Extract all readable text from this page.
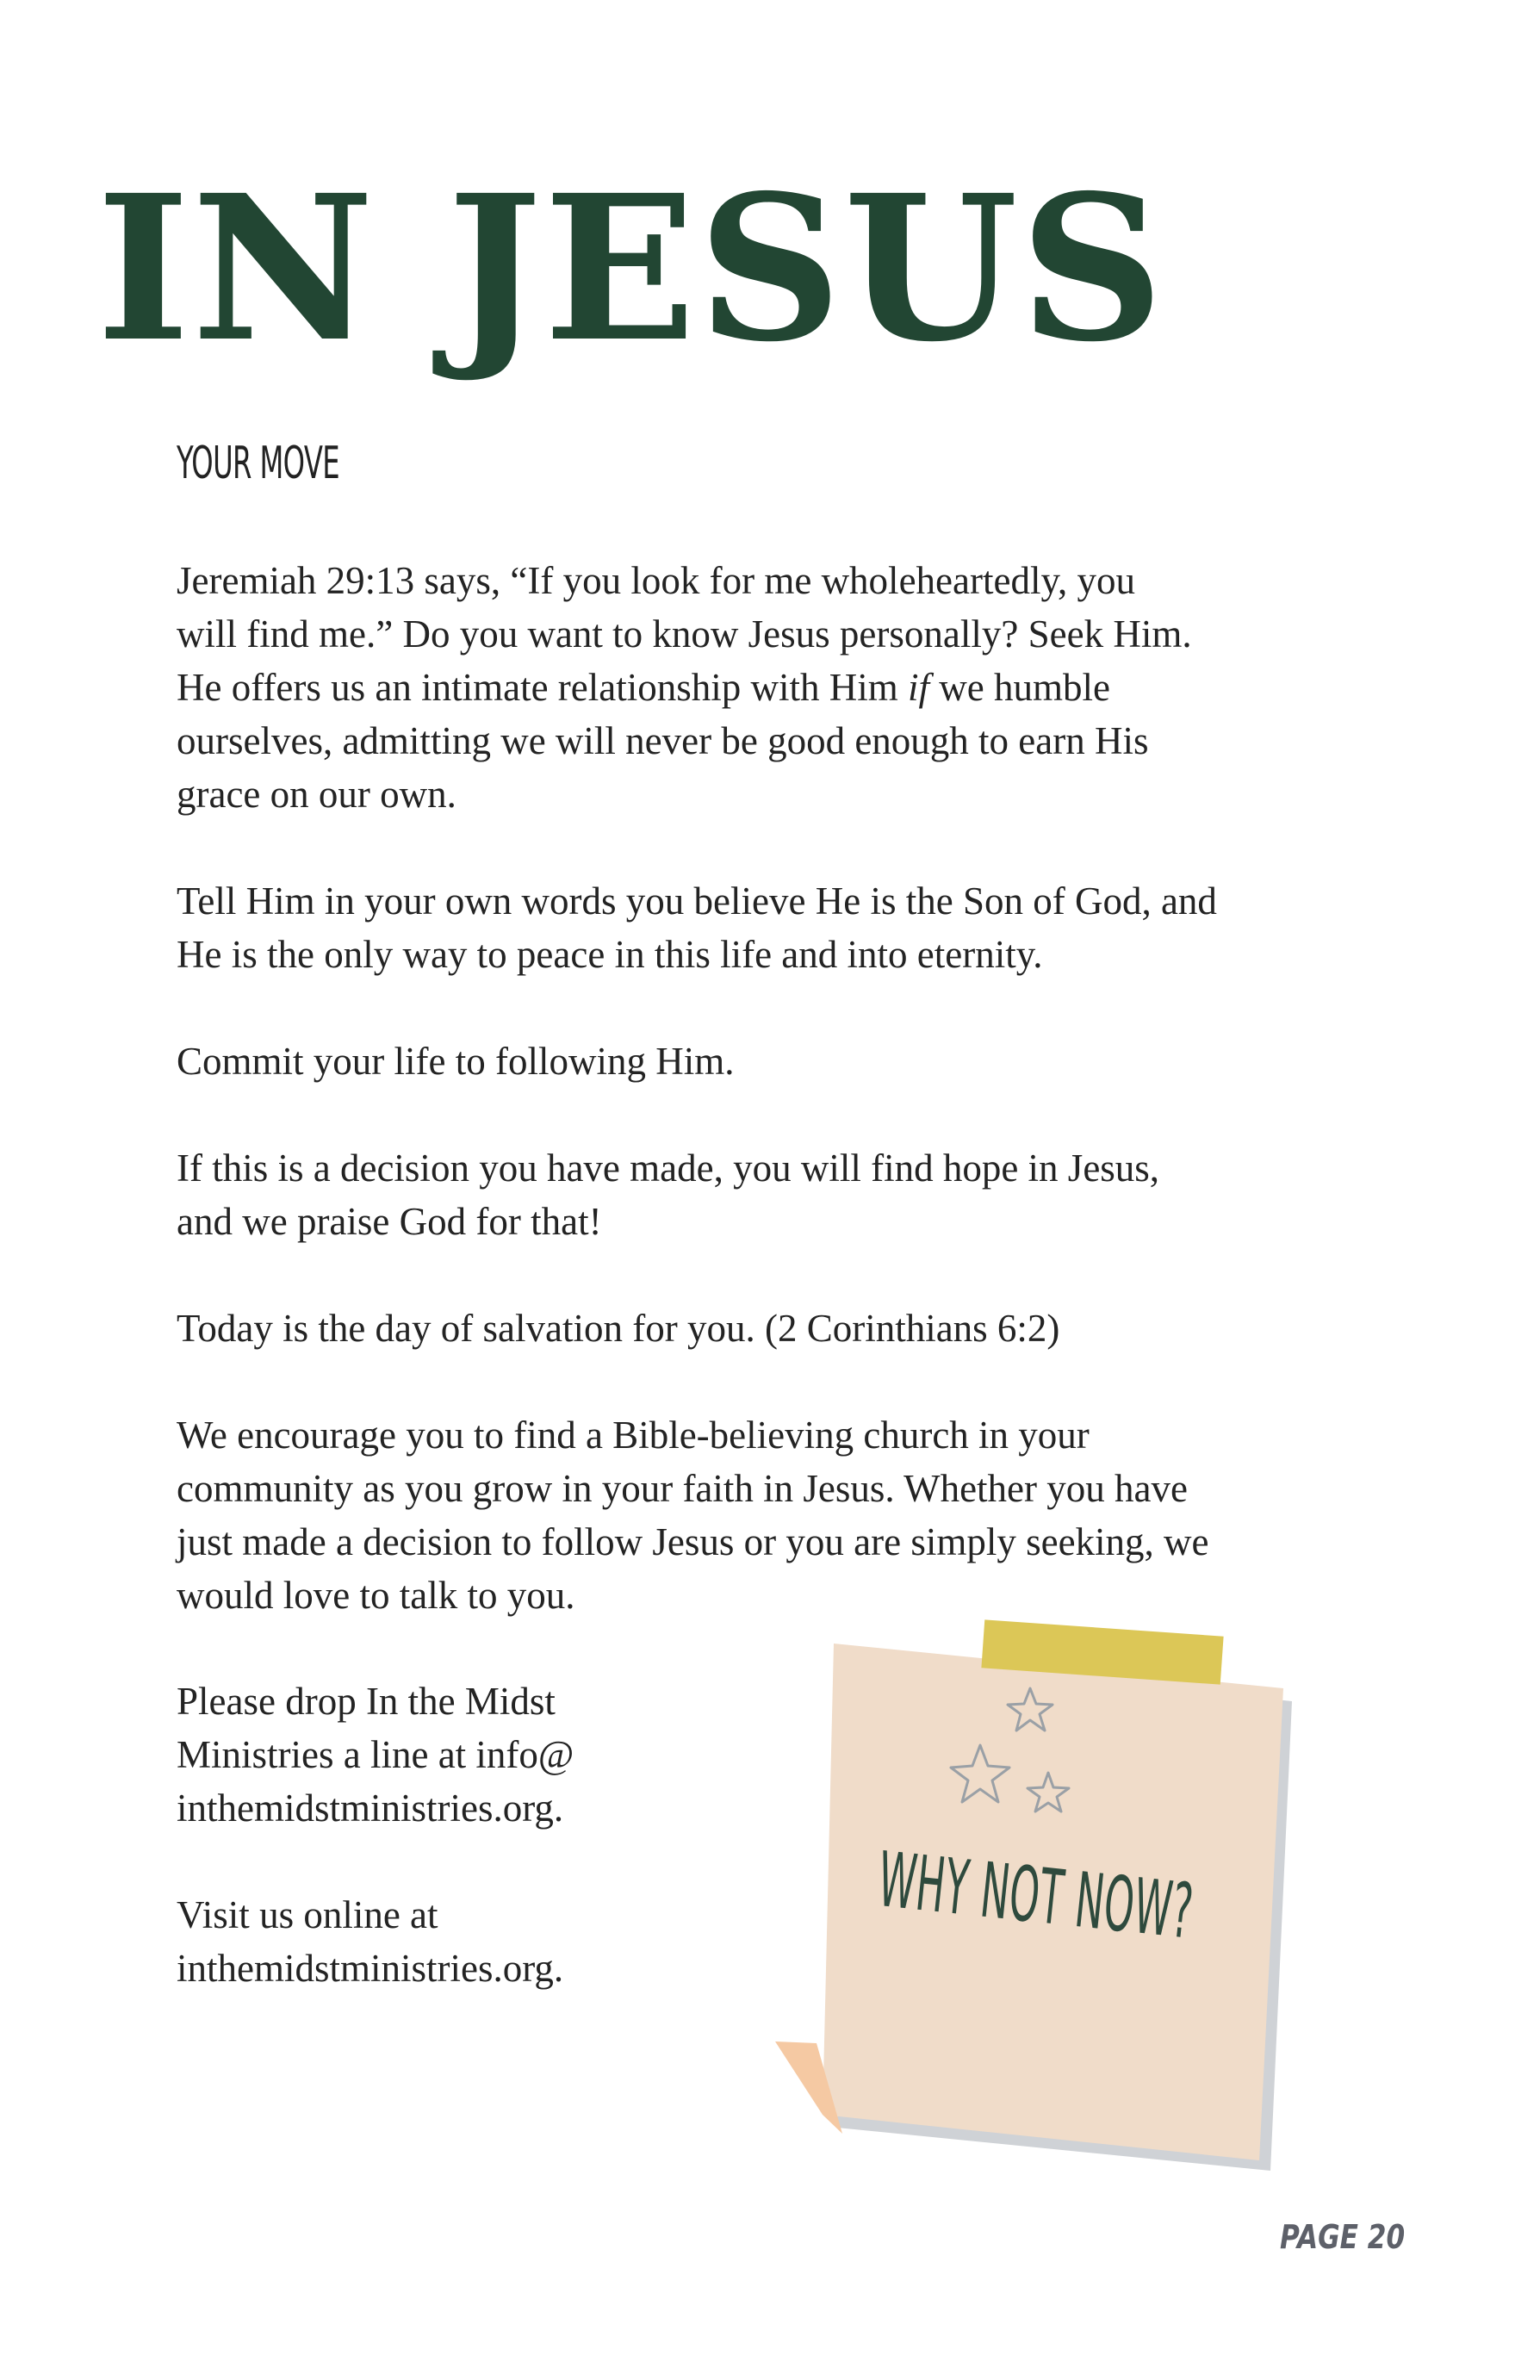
IN JESUS
YOUR MOVE
Jeremiah 29:13 says, “If you look for me wholeheartedly, you
will find me.” Do you want to know Jesus personally? Seek Him.
He offers us an intimate relationship with Him if we humble
ourselves, admitting we will never be good enough to earn His
grace on our own.
Tell Him in your own words you believe He is the Son of God, and
He is the only way to peace in this life and into eternity.
Commit your life to following Him.
If this is a decision you have made, you will find hope in Jesus,
and we praise God for that!
Today is the day of salvation for you. (2 Corinthians 6:2)
We encourage you to find a Bible-believing church in your
community as you grow in your faith in Jesus. Whether you have
just made a decision to follow Jesus or you are simply seeking, we
would love to talk to you.
Please drop In the Midst
Ministries a line at info@
inthemidstministries.org.
Visit us online at
inthemidstministries.org.
WHY NOT NOW?
PAGE 20
